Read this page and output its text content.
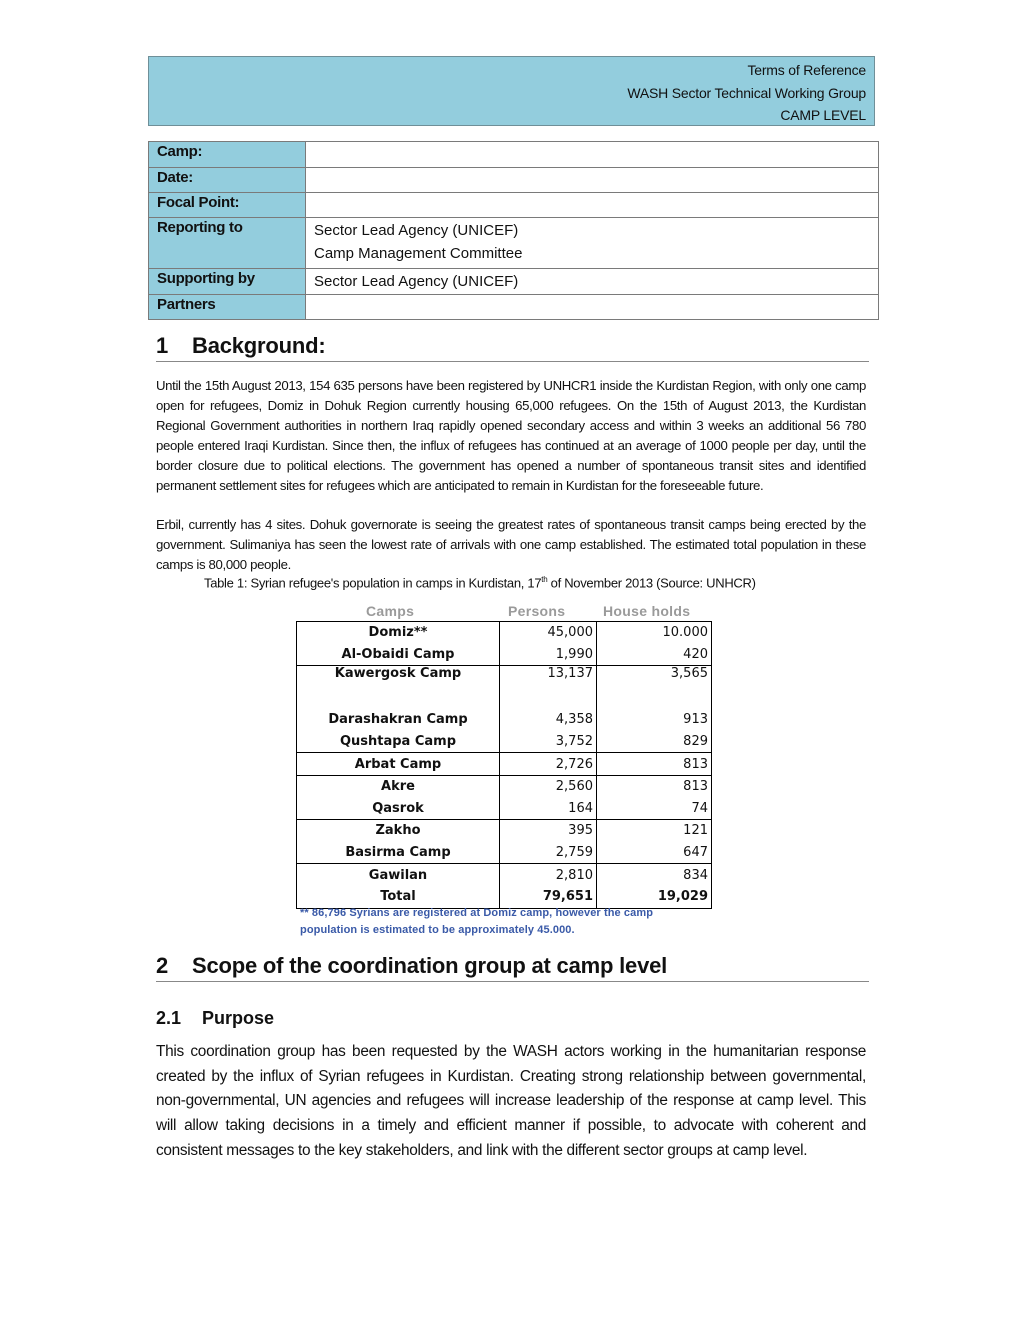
Terms of Reference
WASH Sector Technical Working Group
CAMP LEVEL
Camp:	
Date:	
Focal Point:	
Reporting to	Sector Lead Agency (UNICEF)
Camp Management Committee

Supporting by	Sector Lead Agency (UNICEF)
Partners	
1 Background:
Until the 15th August 2013, 154 635 persons have been registered by UNHCR1 inside the Kurdistan Region, with only one camp open for refugees, Domiz in Dohuk Region currently housing 65,000 refugees. On the 15th of August 2013, the Kurdistan Regional Government authorities in northern Iraq rapidly opened secondary access and within 3 weeks an additional 56 780 people entered Iraqi Kurdistan. Since then, the influx of refugees has continued at an average of 1000 people per day, until the border closure due to political elections. The government has opened a number of spontaneous transit sites and identified permanent settlement sites for refugees which are anticipated to remain in Kurdistan for the foreseeable future.
Erbil, currently has 4 sites. Dohuk governorate is seeing the greatest rates of spontaneous transit camps being erected by the government. Sulimaniya has seen the lowest rate of arrivals with one camp established. The estimated total population in these camps is 80,000 people.
Table 1: Syrian refugee's population in camps in Kurdistan, 17th of November 2013 (Source: UNHCR)
Camps	Persons	House holds
Domiz**	45,000	10.000
Al-Obaidi Camp	1,990	420
Kawergosk Camp	13,137	3,565
Darashakran Camp	4,358	913
Qushtapa Camp	3,752	829
Arbat Camp	2,726	813
Akre	2,560	813
Qasrok	164	74
Zakho	395	121
Basirma Camp	2,759	647
Gawilan	2,810	834
Total	79,651	19,029
** 86,796 Syrians are registered at Domiz camp, however the camp population is estimated to be approximately 45.000.
2 Scope of the coordination group at camp level
2.1 Purpose
This coordination group has been requested by the WASH actors working in the humanitarian response created by the influx of Syrian refugees in Kurdistan. Creating strong relationship between governmental, non-governmental, UN agencies and refugees will increase leadership of the response at camp level. This will allow taking decisions in a timely and efficient manner if possible, to advocate with coherent and consistent messages to the key stakeholders, and link with the different sector groups at camp level.
